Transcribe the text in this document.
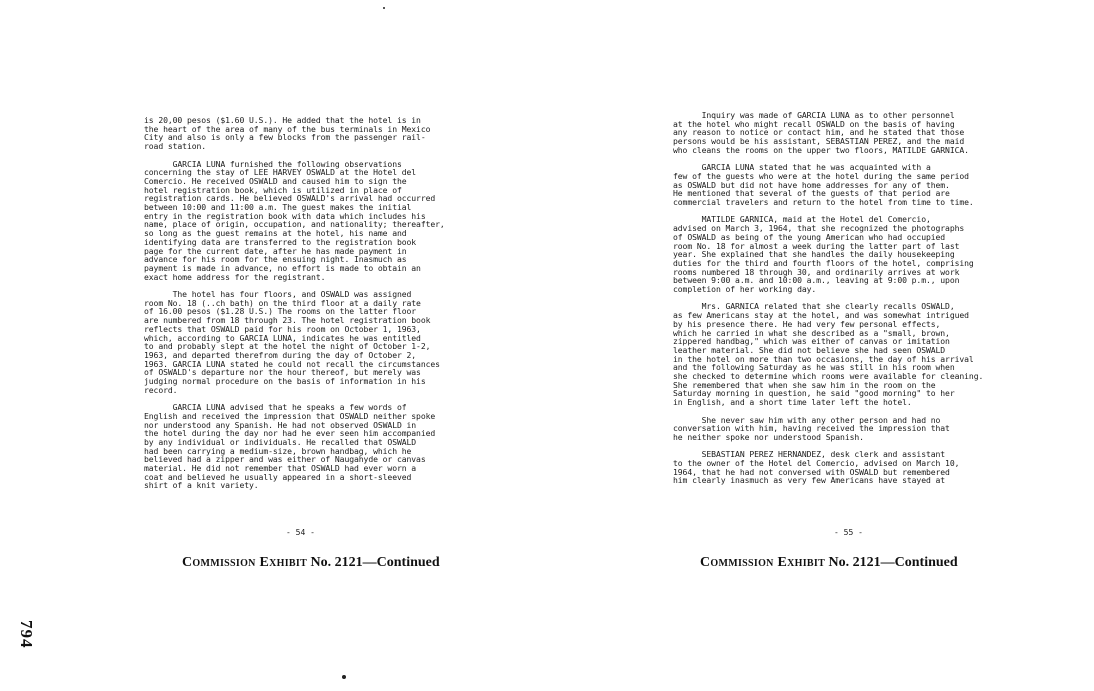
is 20,00 pesos ($1.60 U.S.). He added that the hotel is in
the heart of the area of many of the bus terminals in Mexico
City and also is only a few blocks from the passenger rail-
road station.

GARCIA LUNA furnished the following observations
concerning the stay of LEE HARVEY OSWALD at the Hotel del
Comercio. He received OSWALD and caused him to sign the
hotel registration book, which is utilized in place of
registration cards. He believed OSWALD's arrival had occurred
between 10:00 and 11:00 a.m. The guest makes the initial
entry in the registration book with data which includes his
name, place of origin, occupation, and nationality; thereafter,
so long as the guest remains at the hotel, his name and
identifying data are transferred to the registration book
page for the current date, after he has made payment in
advance for his room for the ensuing night. Inasmuch as
payment is made in advance, no effort is made to obtain an
exact home address for the registrant.

The hotel has four floors, and OSWALD was assigned
room No. 18 (..ch bath) on the third floor at a daily rate
of 16.00 pesos ($1.28 U.S.) The rooms on the latter floor
are numbered from 18 through 23. The hotel registration book
reflects that OSWALD paid for his room on October 1, 1963,
which, according to GARCIA LUNA, indicates he was entitled
to and probably slept at the hotel the night of October 1-2,
1963, and departed therefrom during the day of October 2,
1963. GARCIA LUNA stated he could not recall the circumstances
of OSWALD's departure nor the hour thereof, but merely was
judging normal procedure on the basis of information in his
record.

GARCIA LUNA advised that he speaks a few words of
English and received the impression that OSWALD neither spoke
nor understood any Spanish. He had not observed OSWALD in
the hotel during the day nor had he ever seen him accompanied
by any individual or individuals. He recalled that OSWALD
had been carrying a medium-size, brown handbag, which he
believed had a zipper and was either of Naugahyde or canvas
material. He did not remember that OSWALD had ever worn a
coat and believed he usually appeared in a short-sleeved
shirt of a knit variety.

- 54 -
Commission Exhibit No. 2121—Continued
794

Inquiry was made of GARCIA LUNA as to other personnel
at the hotel who might recall OSWALD on the basis of having
any reason to notice or contact him, and he stated that those
persons would be his assistant, SEBASTIAN PEREZ, and the maid
who cleans the rooms on the upper two floors, MATILDE GARNICA.

GARCIA LUNA stated that he was acquainted with a
few of the guests who were at the hotel during the same period
as OSWALD but did not have home addresses for any of them.
He mentioned that several of the guests of that period are
commercial travelers and return to the hotel from time to time.

MATILDE GARNICA, maid at the Hotel del Comercio,
advised on March 3, 1964, that she recognized the photographs
of OSWALD as being of the young American who had occupied
room No. 18 for almost a week during the latter part of last
year. She explained that she handles the daily housekeeping
duties for the third and fourth floors of the hotel, comprising
rooms numbered 18 through 30, and ordinarily arrives at work
between 9:00 a.m. and 10:00 a.m., leaving at 9:00 p.m., upon
completion of her working day.

Mrs. GARNICA related that she clearly recalls OSWALD,
as few Americans stay at the hotel, and was somewhat intrigued
by his presence there. He had very few personal effects,
which he carried in what she described as a "small, brown,
zippered handbag," which was either of canvas or imitation
leather material. She did not believe she had seen OSWALD
in the hotel on more than two occasions, the day of his arrival
and the following Saturday as he was still in his room when
she checked to determine which rooms were available for cleaning.
She remembered that when she saw him in the room on the
Saturday morning in question, he said "good morning" to her
in English, and a short time later left the hotel.

She never saw him with any other person and had no
conversation with him, having received the impression that
he neither spoke nor understood Spanish.

SEBASTIAN PEREZ HERNANDEZ, desk clerk and assistant
to the owner of the Hotel del Comercio, advised on March 10,
1964, that he had not conversed with OSWALD but remembered
him clearly inasmuch as very few Americans have stayed at

- 55 -
Commission Exhibit No. 2121—Continued
